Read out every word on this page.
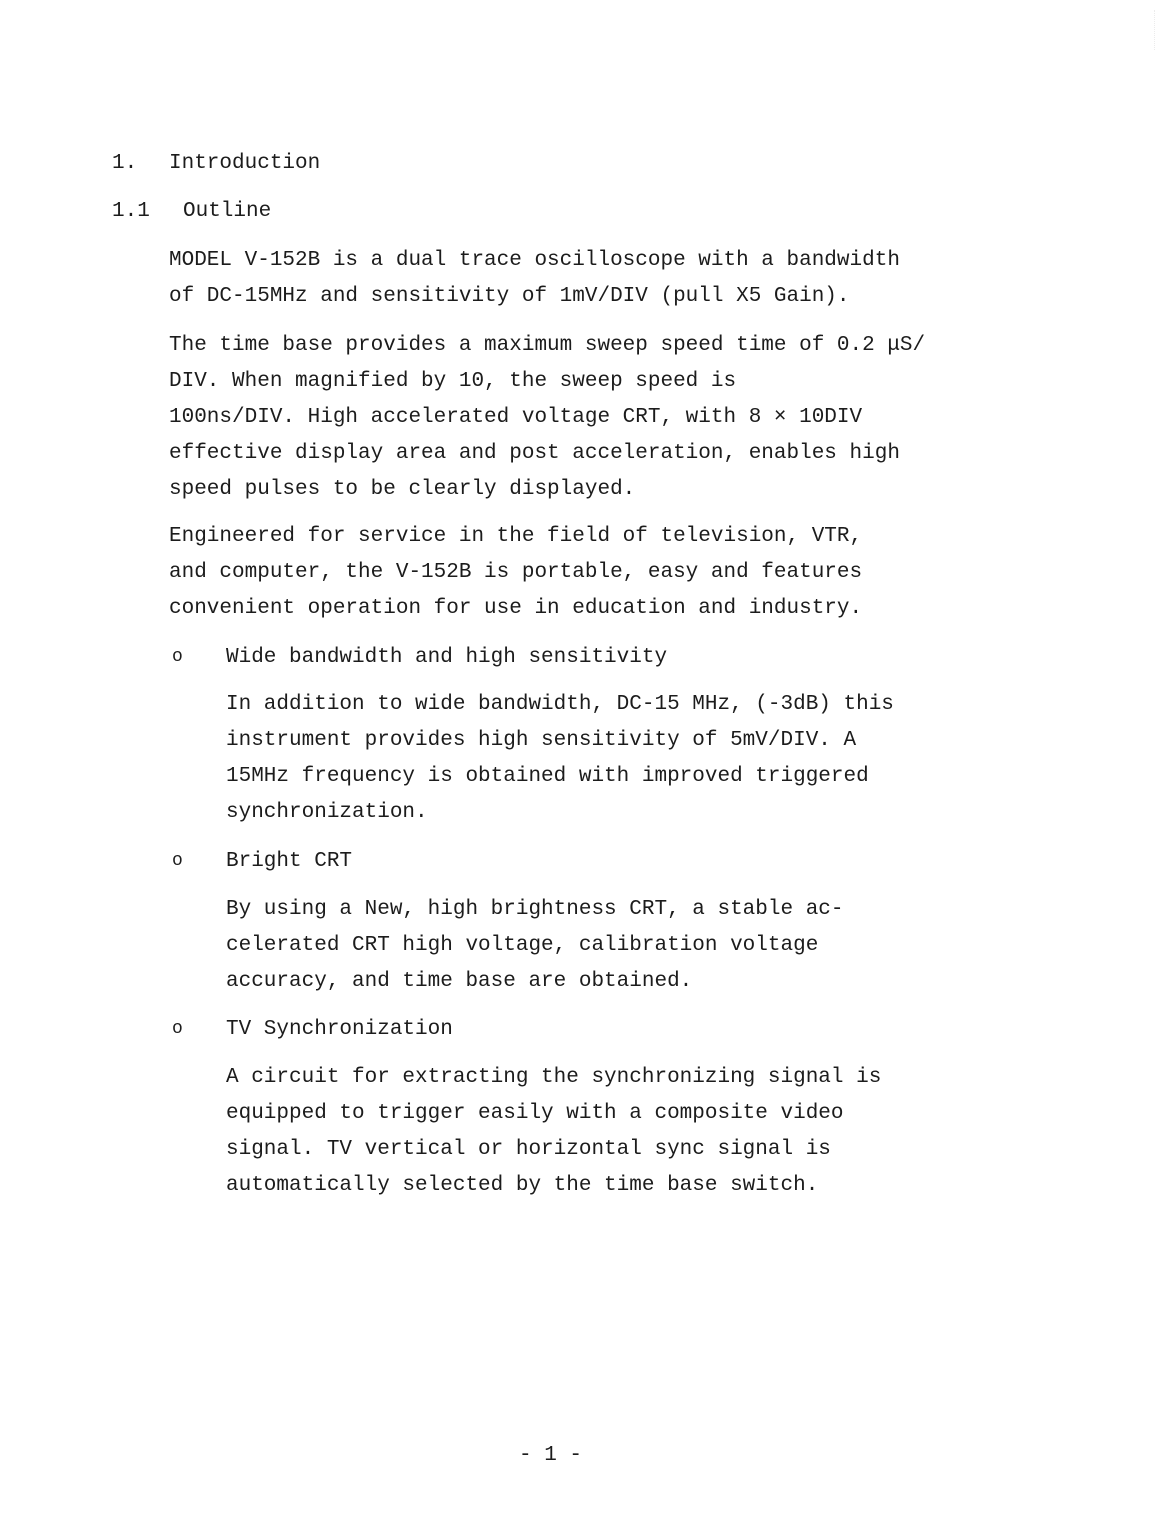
1. Introduction

1.1 Outline

MODEL V-152B is a dual trace oscilloscope with a bandwidth
of DC-15MHz and sensitivity of 1mV/DIV (pull X5 Gain).

The time base provides a maximum sweep speed time of 0.2 μS/
DIV. When magnified by 10, the sweep speed is
100ns/DIV. High accelerated voltage CRT, with 8 × 10DIV
effective display area and post acceleration, enables high
speed pulses to be clearly displayed.

Engineered for service in the field of television, VTR,
and computer, the V-152B is portable, easy and features
convenient operation for use in education and industry.

o Wide bandwidth and high sensitivity

In addition to wide bandwidth, DC-15 MHz, (-3dB) this
instrument provides high sensitivity of 5mV/DIV. A
15MHz frequency is obtained with improved triggered
synchronization.

o Bright CRT

By using a New, high brightness CRT, a stable ac-
celerated CRT high voltage, calibration voltage
accuracy, and time base are obtained.

o TV Synchronization

A circuit for extracting the synchronizing signal is
equipped to trigger easily with a composite video
signal. TV vertical or horizontal sync signal is
automatically selected by the time base switch.

- 1 -
